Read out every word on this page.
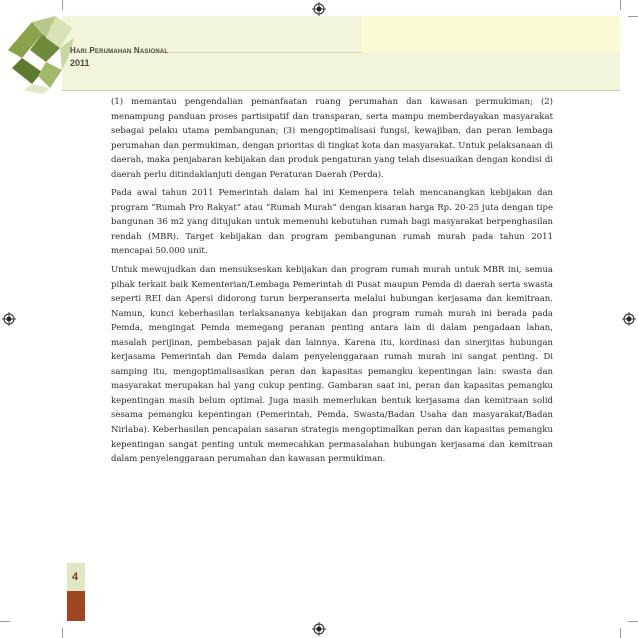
Hari Perumahan Nasional
2011

(1) memantau pengendalian pemanfaatan ruang perumahan dan kawasan permukiman; (2) menampung panduan proses partisipatif dan transparan, serta mampu memberdayakan masyarakat sebagai pelaku utama pembangunan; (3) mengoptimalisasi fungsi, kewajiban, dan peran lembaga perumahan dan permukiman, dengan prioritas di tingkat kota dan masyarakat. Untuk pelaksanaan di daerah, maka penjabaran kebijakan dan produk pengaturan yang telah disesuaikan dengan kondisi di daerah perlu ditindaklanjuti dengan Peraturan Daerah (Perda).

Pada awal tahun 2011 Pemerintah dalam hal ini Kemenpera telah mencanangkan kebijakan dan program “Rumah Pro Rakyat” atau “Rumah Murah” dengan kisaran harga Rp. 20-25 juta dengan tipe bangunan 36 m2 yang ditujukan untuk memenuhi kebutuhan rumah bagi masyarakat berpenghasilan rendah (MBR). Target kebijakan dan program pembangunan rumah murah pada tahun 2011 mencapai 50.000 unit.

Untuk mewujudkan dan mensukseskan kebijakan dan program rumah murah untuk MBR ini, semua pihak terkait baik Kementerian/Lembaga Pemerintah di Pusat maupun Pemda di daerah serta swasta seperti REI dan Apersi didorong turun berperanserta melalui hubungan kerjasama dan kemitraan. Namun, kunci keberhasilan terlaksananya kebijakan dan program rumah murah ini berada pada Pemda, mengingat Pemda memegang peranan penting antara lain di dalam pengadaan lahan, masalah perijinan, pembebasan pajak dan lainnya. Karena itu, kordinasi dan sinerjitas hubungan kerjasama Pemerintah dan Pemda dalam penyelenggaraan rumah murah ini sangat penting. Di samping itu, mengoptimalisasikan peran dan kapasitas pemangku kepentingan lain: swasta dan masyarakat merupakan hal yang cukup penting. Gambaran saat ini, peran dan kapasitas pemangku kepentingan masih belum optimal. Juga masih memerlukan bentuk kerjasama dan kemitraan solid sesama pemangku kepentingan (Pemerintah, Pemda, Swasta/Badan Usaha dan masyarakat/Badan Nirlaba). Keberhasilan pencapaian sasaran strategis mengoptimalkan peran dan kapasitas pemangku kepentingan sangat penting untuk memecahkan permasalahan hubungan kerjasama dan kemitraan dalam penyelenggaraan perumahan dan kawasan permukiman.

4
